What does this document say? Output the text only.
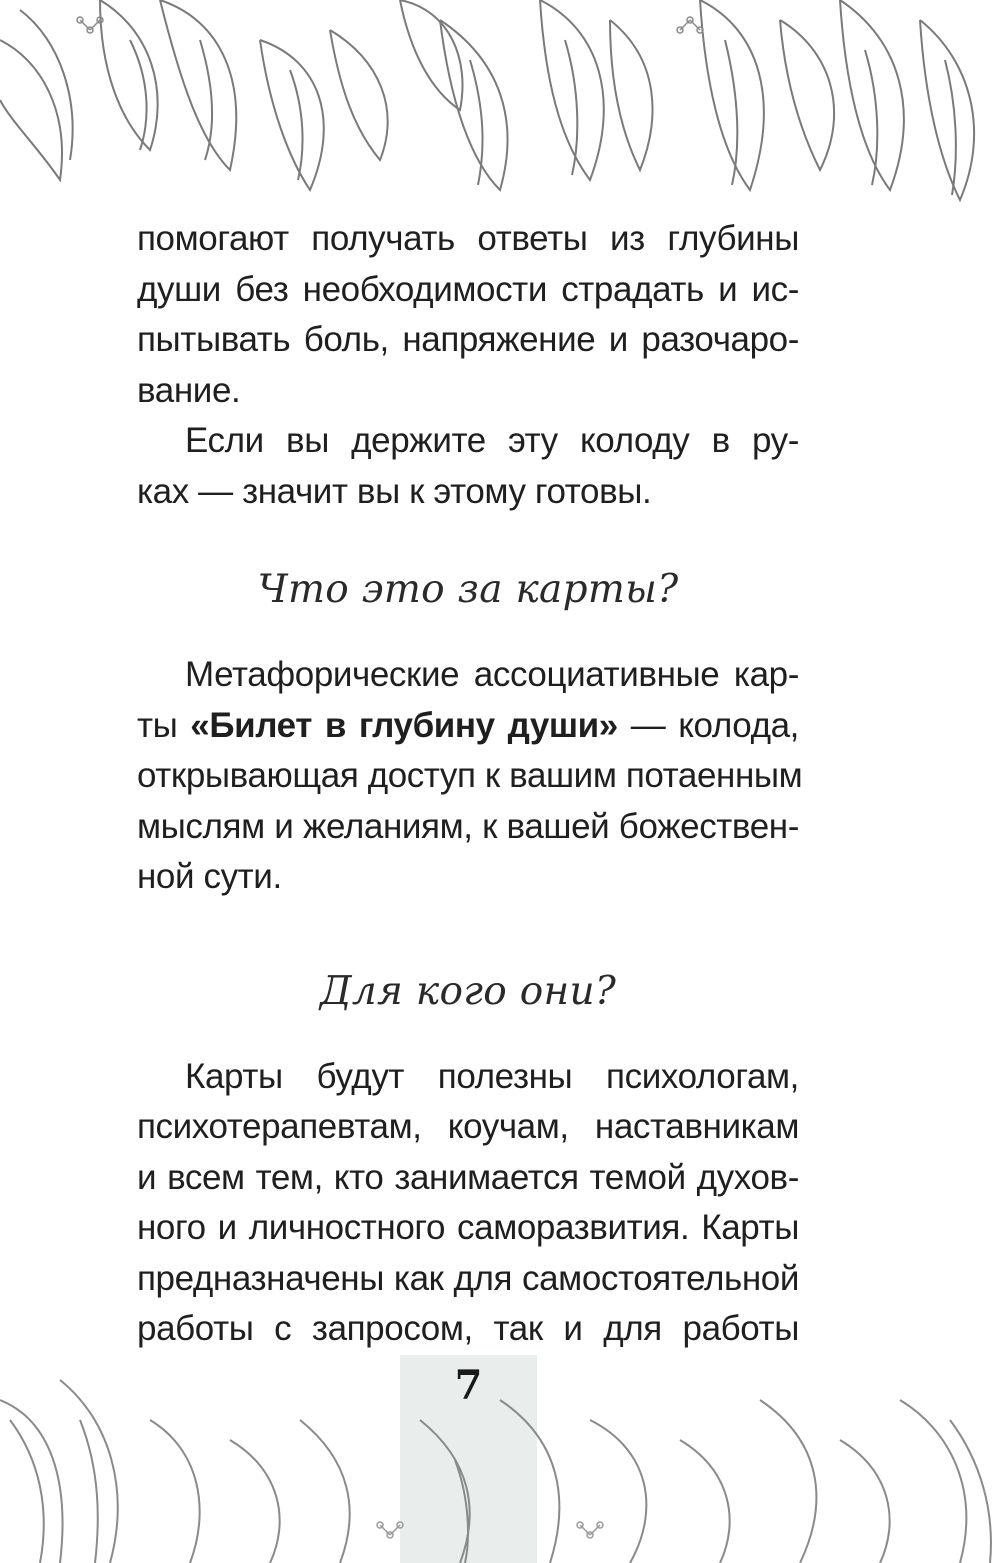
помогают получать ответы из глубины
души без необходимости страдать и ис-
пытывать боль, напряжение и разочаро-
вание.

Если вы держите эту колоду в ру-
ках — значит вы к этому готовы.

Что это за карты?

Метафорические ассоциативные кар-
ты «Билет в глубину души» — колода,
открывающая доступ к вашим потаенным
мыслям и желаниям, к вашей божествен-
ной сути.

Для кого они?

Карты будут полезны психологам,
психотерапевтам, коучам, наставникам
и всем тем, кто занимается темой духов-
ного и личностного саморазвития. Карты
предназначены как для самостоятельной
работы с запросом, так и для работы

7
